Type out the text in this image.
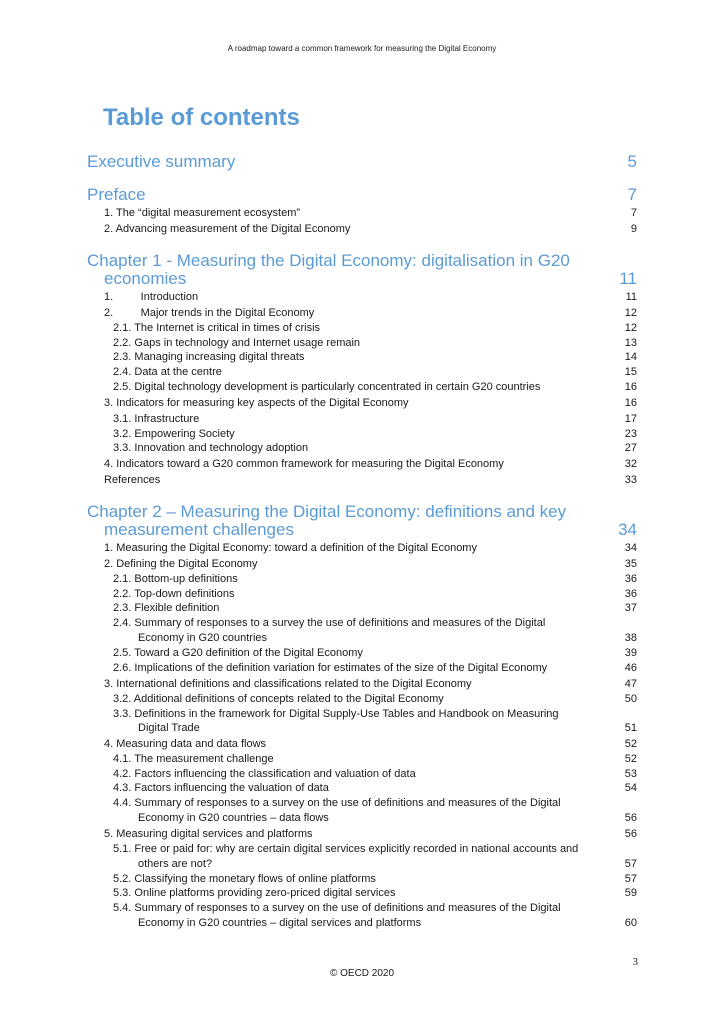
A roadmap toward a common framework for measuring the Digital Economy
Table of contents
Executive summary	5
Preface	7
1. The “digital measurement ecosystem”	7
2. Advancing measurement of the Digital Economy	9
Chapter 1 - Measuring the Digital Economy: digitalisation in G20
economies	11
1.         Introduction	11
2.         Major trends in the Digital Economy	12
2.1. The Internet is critical in times of crisis	12
2.2. Gaps in technology and Internet usage remain	13
2.3. Managing increasing digital threats	14
2.4. Data at the centre	15
2.5. Digital technology development is particularly concentrated in certain G20 countries	16
3. Indicators for measuring key aspects of the Digital Economy	16
3.1. Infrastructure	17
3.2. Empowering Society	23
3.3. Innovation and technology adoption	27
4. Indicators toward a G20 common framework for measuring the Digital Economy	32
References	33
Chapter 2 – Measuring the Digital Economy: definitions and key
measurement challenges	34
1. Measuring the Digital Economy: toward a definition of the Digital Economy	34
2. Defining the Digital Economy	35
2.1. Bottom-up definitions	36
2.2. Top-down definitions	36
2.3. Flexible definition	37
2.4. Summary of responses to a survey the use of definitions and measures of the Digital
Economy in G20 countries	38
2.5. Toward a G20 definition of the Digital Economy	39
2.6. Implications of the definition variation for estimates of the size of the Digital Economy	46
3. International definitions and classifications related to the Digital Economy	47
3.2. Additional definitions of concepts related to the Digital Economy	50
3.3. Definitions in the framework for Digital Supply-Use Tables and Handbook on Measuring
Digital Trade	51
4. Measuring data and data flows	52
4.1. The measurement challenge	52
4.2. Factors influencing the classification and valuation of data	53
4.3. Factors influencing the valuation of data	54
4.4. Summary of responses to a survey on the use of definitions and measures of the Digital
Economy in G20 countries – data flows	56
5. Measuring digital services and platforms	56
5.1. Free or paid for: why are certain digital services explicitly recorded in national accounts and
others are not?	57
5.2. Classifying the monetary flows of online platforms	57
5.3. Online platforms providing zero-priced digital services	59
5.4. Summary of responses to a survey on the use of definitions and measures of the Digital
Economy in G20 countries – digital services and platforms	60
3
© OECD 2020
